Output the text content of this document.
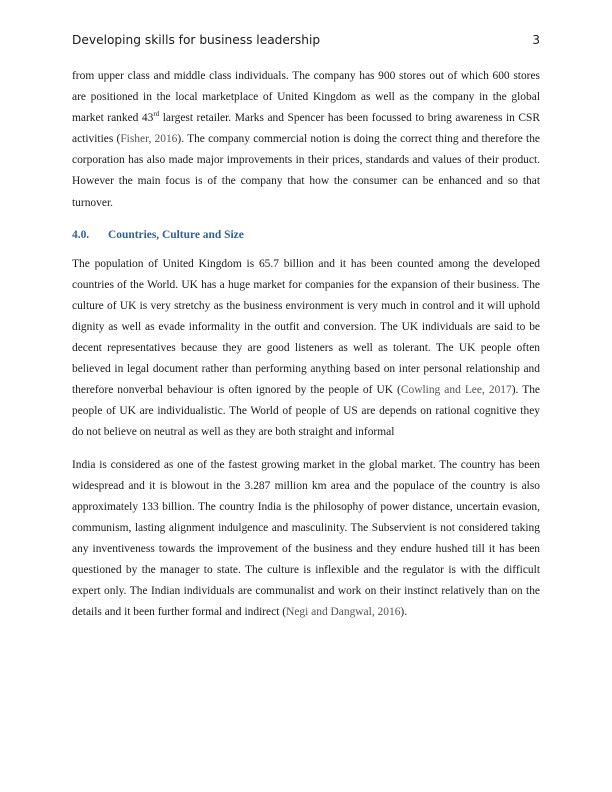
Developing skills for business leadership	3

from upper class and middle class individuals. The company has 900 stores out of which 600 stores are positioned in the local marketplace of United Kingdom as well as the company in the global market ranked 43rd largest retailer. Marks and Spencer has been focussed to bring awareness in CSR activities (Fisher, 2016). The company commercial notion is doing the correct thing and therefore the corporation has also made major improvements in their prices, standards and values of their product. However the main focus is of the company that how the consumer can be enhanced and so that turnover.

4.0.	Countries, Culture and Size

The population of United Kingdom is 65.7 billion and it has been counted among the developed countries of the World. UK has a huge market for companies for the expansion of their business. The culture of UK is very stretchy as the business environment is very much in control and it will uphold dignity as well as evade informality in the outfit and conversion. The UK individuals are said to be decent representatives because they are good listeners as well as tolerant. The UK people often believed in legal document rather than performing anything based on inter personal relationship and therefore nonverbal behaviour is often ignored by the people of UK (Cowling and Lee, 2017). The people of UK are individualistic. The World of people of US are depends on rational cognitive they do not believe on neutral as well as they are both straight and informal

India is considered as one of the fastest growing market in the global market. The country has been widespread and it is blowout in the 3.287 million km area and the populace of the country is also approximately 133 billion. The country India is the philosophy of power distance, uncertain evasion, communism, lasting alignment indulgence and masculinity. The Subservient is not considered taking any inventiveness towards the improvement of the business and they endure hushed till it has been questioned by the manager to state. The culture is inflexible and the regulator is with the difficult expert only. The Indian individuals are communalist and work on their instinct relatively than on the details and it been further formal and indirect (Negi and Dangwal, 2016).
